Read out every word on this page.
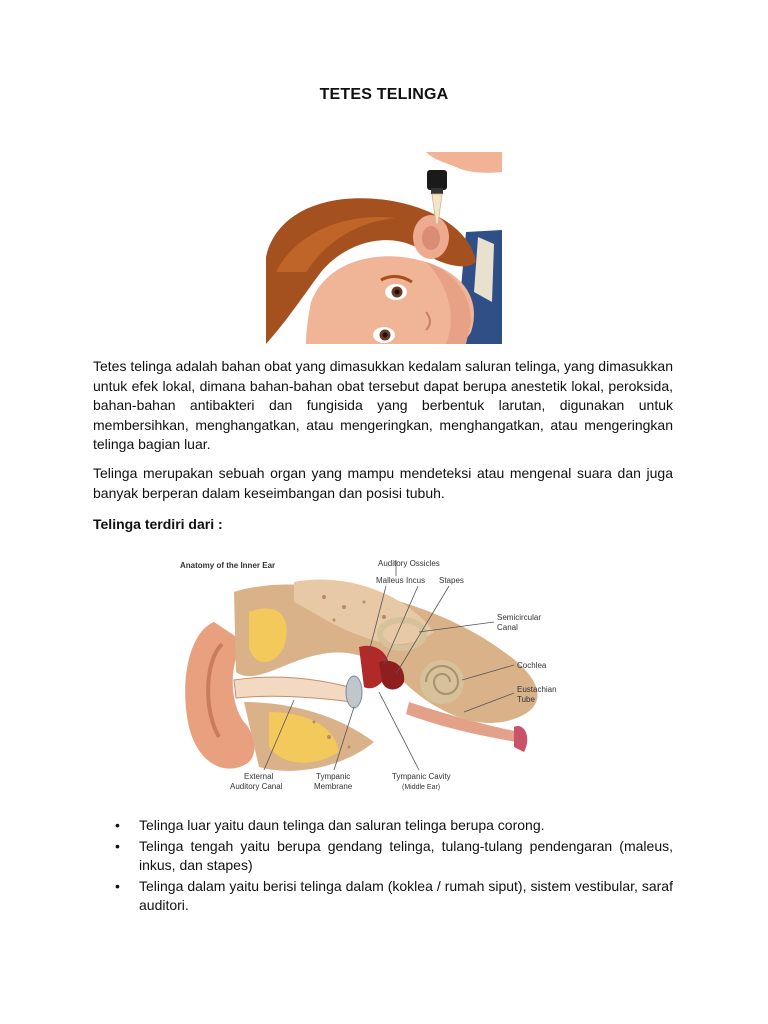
TETES TELINGA

Tetes telinga adalah bahan obat yang dimasukkan kedalam saluran telinga, yang dimasukkan untuk efek lokal, dimana bahan-bahan obat tersebut dapat berupa anestetik lokal, peroksida, bahan-bahan antibakteri dan fungisida yang berbentuk larutan, digunakan untuk membersihkan, menghangatkan, atau mengeringkan, menghangatkan, atau mengeringkan telinga bagian luar.

Telinga merupakan sebuah organ yang mampu mendeteksi atau mengenal suara dan juga banyak berperan dalam keseimbangan dan posisi tubuh.

Telinga terdiri dari :
Anatomy of the Inner Ear	Auditory Ossicles
Malleus Incus Stapes
Semicircular
Canal
Cochlea
Eustachian
Tube
External
Auditory Canal
Tympanic
Membrane
Tympanic Cavity
(Middle Ear)
• Telinga luar yaitu daun telinga dan saluran telinga berupa corong.
• Telinga tengah yaitu berupa gendang telinga, tulang-tulang pendengaran (maleus, inkus, dan stapes)
• Telinga dalam yaitu berisi telinga dalam (koklea / rumah siput), sistem vestibular, saraf auditori.
